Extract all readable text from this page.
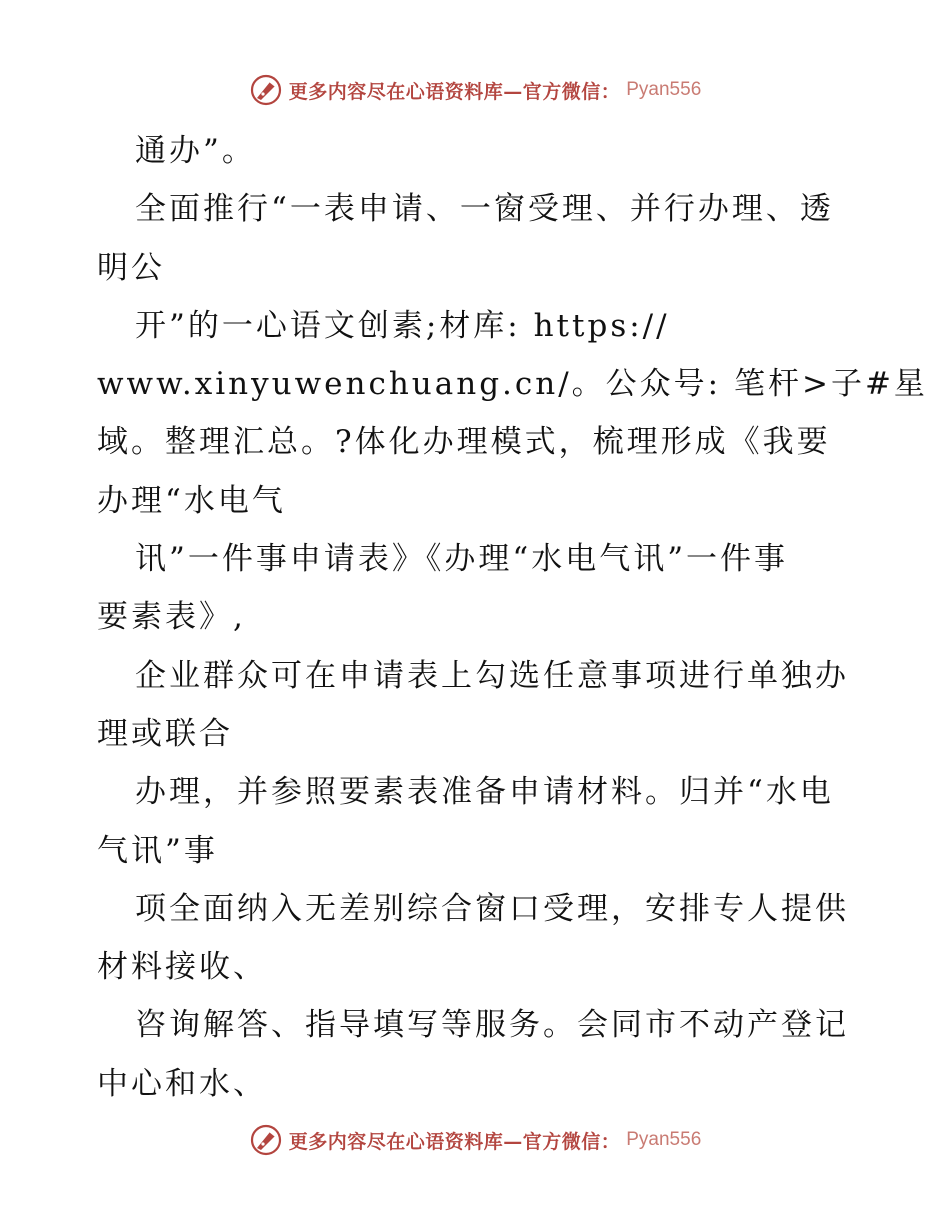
更多内容尽在心语资料库—官方微信： Pyan556
通办”。
全面推行“一表申请、一窗受理、并行办理、透
明公
开”的一心语文创素;材库: https://
www.xinyuwenchuang.cn/。公众号: 笔杆>子#星
域。整理汇总。?体化办理模式，梳理形成《我要
办理“水电气
讯”一件事申请表》《办理“水电气讯”一件事
要素表》,
企业群众可在申请表上勾选任意事项进行单独办
理或联合
办理，并参照要素表准备申请材料。归并“水电
气讯”事
项全面纳入无差别综合窗口受理，安排专人提供
材料接收、
咨询解答、指导填写等服务。会同市不动产登记
中心和水、
更多内容尽在心语资料库—官方微信： Pyan556
